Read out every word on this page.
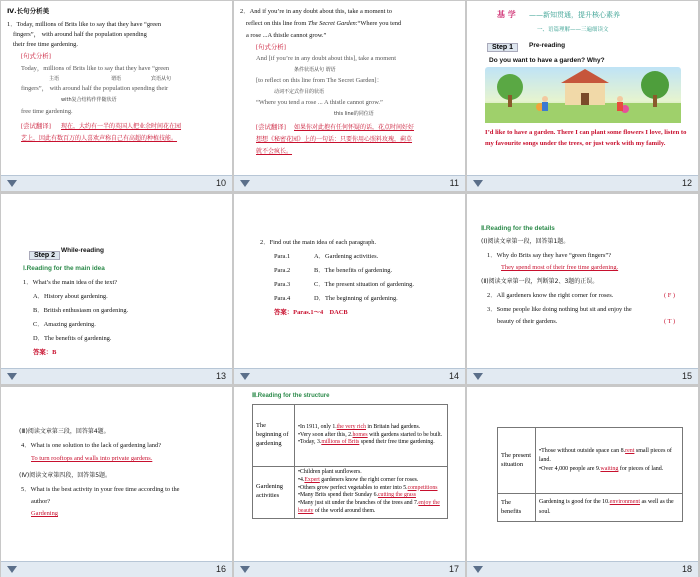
Ⅳ.长句分析美
1．Today, millions of Brits like to say that they have “green
fingers”， with around half the population spending
their free time gardening.
[句式分析]
Today，millions of Brits like to say that they have “green
主语	谓语	宾语从句
fingers”， with around half the population spending their
with复合结构作伴随状语
free time gardening.
[尝试翻译] 现在，大约有一半的英国人把业余时间花在园
艺上，因此有数百万的人喜欢声称自己有高超的种植技能。
10
2．And if you’re in any doubt about this, take a moment to
reflect on this line from The Secret Garden:“Where you tend
a rose ...A thistle cannot grow.”
[句式分析]
And [if you’re in any doubt about this], take a moment
条件状语从句 谓语
[to reflect on this line from The Secret Garden]：
动词不定式作目的状语
“Where you tend a rose ... A thistle cannot grow.”
this line的同位语
[尝试翻译] 如果你对此抱有任何怀疑的话，花点时间好好
想想《秘密花园》上的一句话：只要你用心照料玫瑰，蓟草
就不会疯长。
11
基 学 ——新知贯通，提升核心素养
一、语篇理解——三遍细读文
Step 1	Pre-reading
Do you want to have a garden? Why?
I’d like to have a garden. There I can plant some flowers I love, listen to my favourite songs under the trees, or just work with my family.
12
Step 2
While-reading
Ⅰ.Reading for the main idea
1．What’s the main idea of the text?
A．History about gardening.
B．British enthusiasm on gardening.
C．Amazing gardening.
D．The benefits of gardening.
答案：B
13
2．Find out the main idea of each paragraph.
Para.1	A．Gardening activities.
Para.2	B．The benefits of gardening.
Para.3	C．The present situation of gardening.
Para.4	D．The beginning of gardening.
答案：Paras.1～4　DACB
14
Ⅱ.Reading for the details
(Ⅰ)阅读文章第一段，回答第1题。
1．Why do Brits say they have “green fingers”?
They spend most of their free time gardening.
(Ⅱ)阅读文章第一段，判断第2、3题的正误。
2．All gardeners know the right corner for roses.	( F )
3．Some people like doing nothing but sit and enjoy the
beauty of their gardens.	( T )
15
(Ⅲ)阅读文章第三段，回答第4题。
4．What is one solution to the lack of gardening land?
To turn rooftops and walls into private gardens.
(Ⅳ)阅读文章第四段，回答第5题。
5．What is the best activity in your free time according to the
author?
Gardening
16
Ⅲ.Reading for the structure
The beginning of gardening	•In 1911, only 1.the very rich in Britain had gardens.
•Very soon after this, 2.homes with gardens started to be built.
•Today, 3.millions of Brits spend their free time gardening.

Gardening activities	•Children plant sunflowers.
•4.Expert gardeners know the right corner for roses.
•Others grow perfect vegetables to enter into 5.competitions
•Many Brits spend their Sunday 6.cutting the grass
•Many just sit under the branches of the trees and 7.enjoy the beauty of the world around them.
17
The present situation	•Those without outside space can 8.rent small pieces of land.
•Over 4,000 people are 9.waiting for pieces of land.

The benefits	Gardening is good for the 10.environment as well as the soul.
18
